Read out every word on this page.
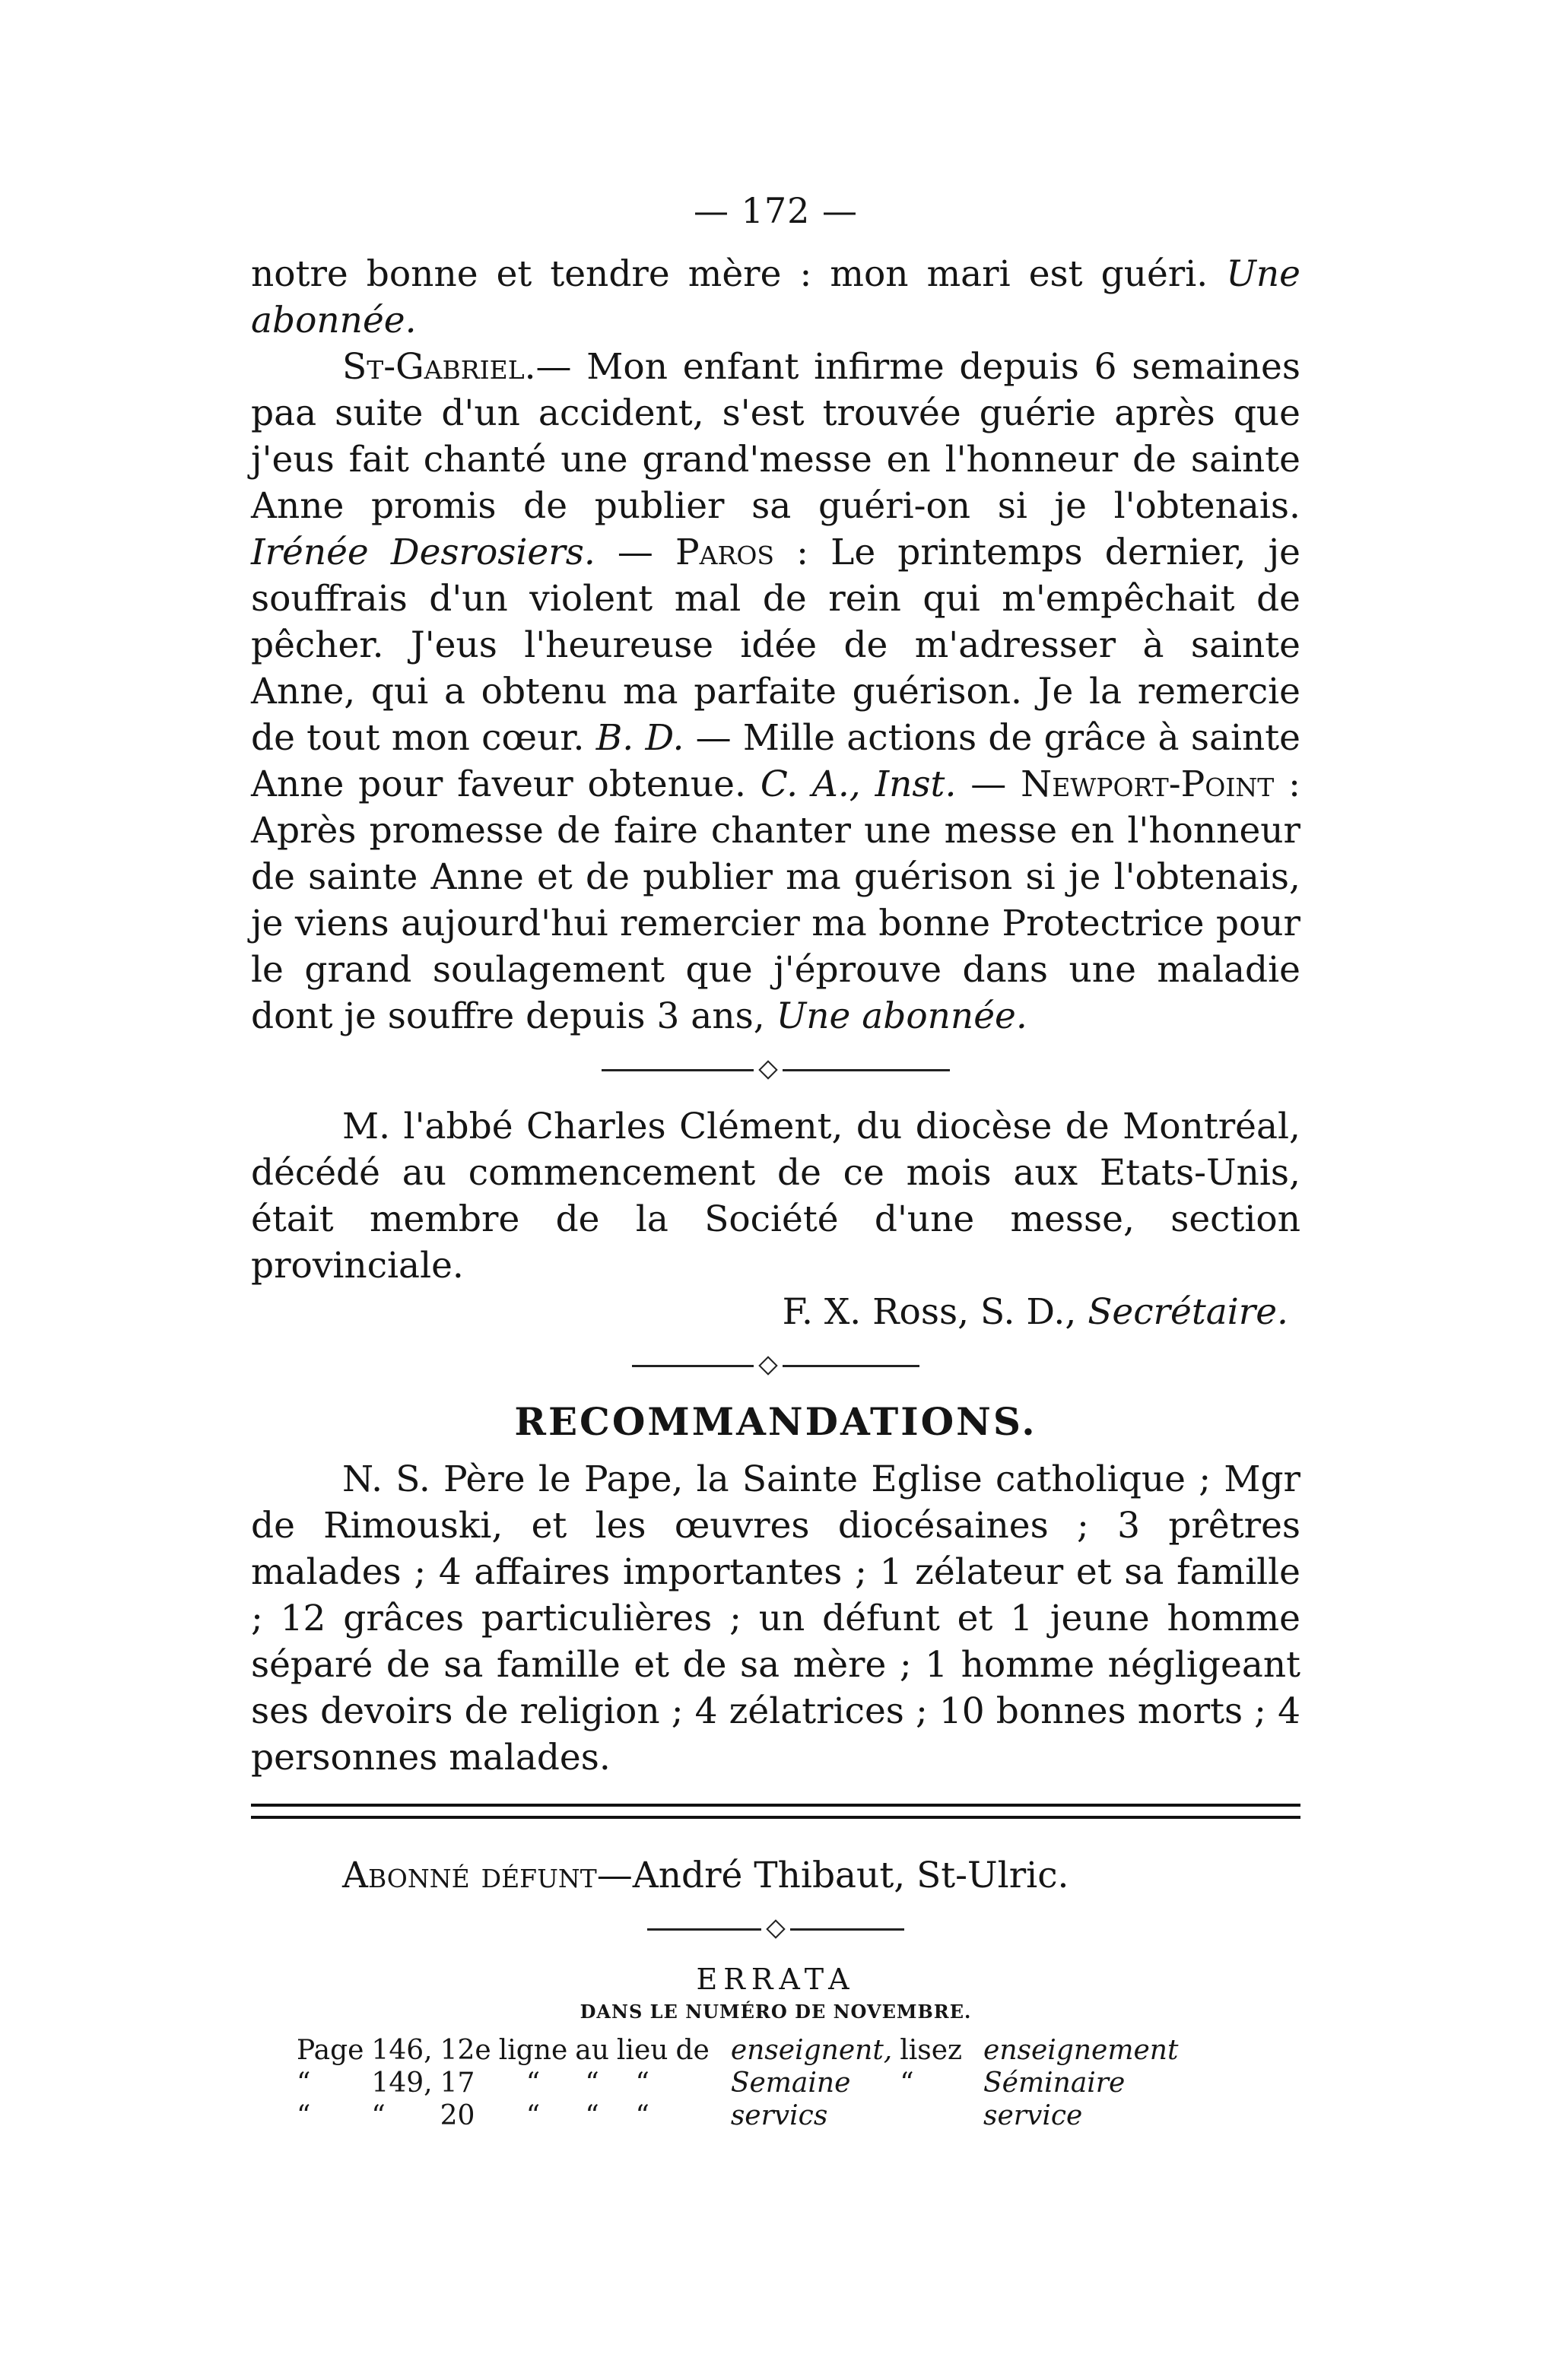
— 172 —

notre bonne et tendre mère : mon mari est guéri. Une abonnée.

St-Gabriel.— Mon enfant infirme depuis 6 semaines paa suite d'un accident, s'est trouvée guérie après que j'eus fait chanté une grand'messe en l'honneur de sainte Anne promis de publier sa guéri-on si je l'obtenais. Irénée Desrosiers. — Paros : Le printemps dernier, je souffrais d'un violent mal de rein qui m'empêchait de pêcher. J'eus l'heureuse idée de m'adresser à sainte Anne, qui a obtenu ma parfaite guérison. Je la remercie de tout mon cœur. B. D. — Mille actions de grâce à sainte Anne pour faveur obtenue. C. A., Inst. — Newport-Point : Après promesse de faire chanter une messe en l'honneur de sainte Anne et de publier ma guérison si je l'obtenais, je viens aujourd'hui remercier ma bonne Protectrice pour le grand soulagement que j'éprouve dans une maladie dont je souffre depuis 3 ans, Une abonnée.

M. l'abbé Charles Clément, du diocèse de Montréal, décédé au commencement de ce mois aux Etats-Unis, était membre de la Société d'une messe, section provinciale.

F. X. Ross, S. D., Secrétaire.

RECOMMANDATIONS.

N. S. Père le Pape, la Sainte Eglise catholique ; Mgr de Rimouski, et les œuvres diocésaines ; 3 prêtres malades ; 4 affaires importantes ; 1 zélateur et sa famille ; 12 grâces particulières ; un défunt et 1 jeune homme séparé de sa famille et de sa mère ; 1 homme négligeant ses devoirs de religion ; 4 zélatrices ; 10 bonnes morts ; 4 personnes malades.

Abonné défunt—André Thibaut, St-Ulric.

ERRATA
DANS LE NUMÉRO DE NOVEMBRE.
Page	146,	12e	ligne	au	lieu	de	enseignent,	lisez	enseignement
“	149,	17	“	“	“		Semaine	“	Séminaire
“	“	20	“	“	“		servics		service
